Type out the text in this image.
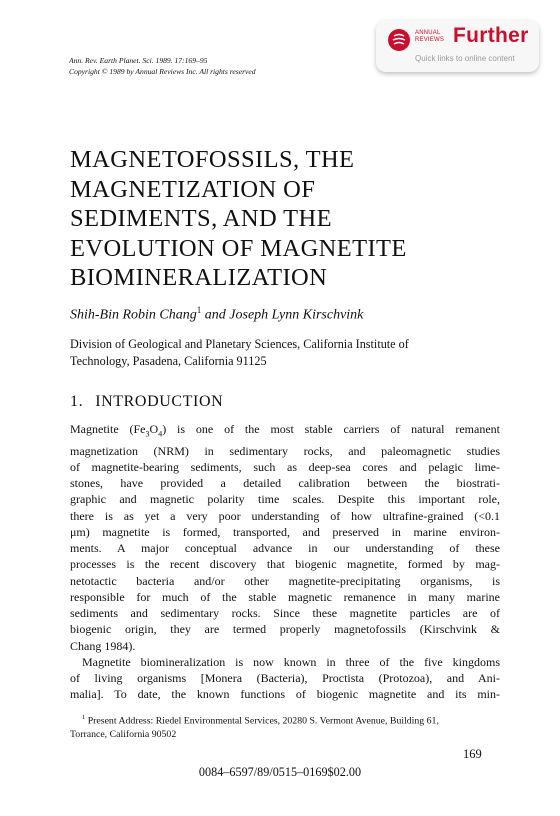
Ann. Rev. Earth Planet. Sci. 1989. 17:169–95
Copyright © 1989 by Annual Reviews Inc. All rights reserved
ANNUAL
REVIEWS Further
Quick links to online content
MAGNETOFOSSILS, THE
MAGNETIZATION OF
SEDIMENTS, AND THE
EVOLUTION OF MAGNETITE
BIOMINERALIZATION
Shih-Bin Robin Chang$^1$ and Joseph Lynn Kirschvink
Division of Geological and Planetary Sciences, California Institute of
Technology, Pasadena, California 91125
1. INTRODUCTION
Magnetite $(Fe_3O_4)$ is one of the most stable carriers of natural remanent
magnetization (NRM) in sedimentary rocks, and paleomagnetic studies
of magnetite-bearing sediments, such as deep-sea cores and pelagic lime-
stones, have provided a detailed calibration between the biostrati-
graphic and magnetic polarity time scales. Despite this important role,
there is as yet a very poor understanding of how ultrafine-grained (<0.1
μm) magnetite is formed, transported, and preserved in marine environ-
ments. A major conceptual advance in our understanding of these
processes is the recent discovery that biogenic magnetite, formed by mag-
netotactic bacteria and/or other magnetite-precipitating organisms, is
responsible for much of the stable magnetic remanence in many marine
sediments and sedimentary rocks. Since these magnetite particles are of
biogenic origin, they are termed properly magnetofossils (Kirschvink &
Chang 1984).
Magnetite biomineralization is now known in three of the five kingdoms
of living organisms [Monera (Bacteria), Proctista (Protozoa), and Ani-
malia]. To date, the known functions of biogenic magnetite and its min-
$^1$ Present Address: Riedel Environmental Services, 20280 S. Vermont Avenue, Building 61,
Torrance, California 90502
169
0084–6597/89/0515–0169$02.00
